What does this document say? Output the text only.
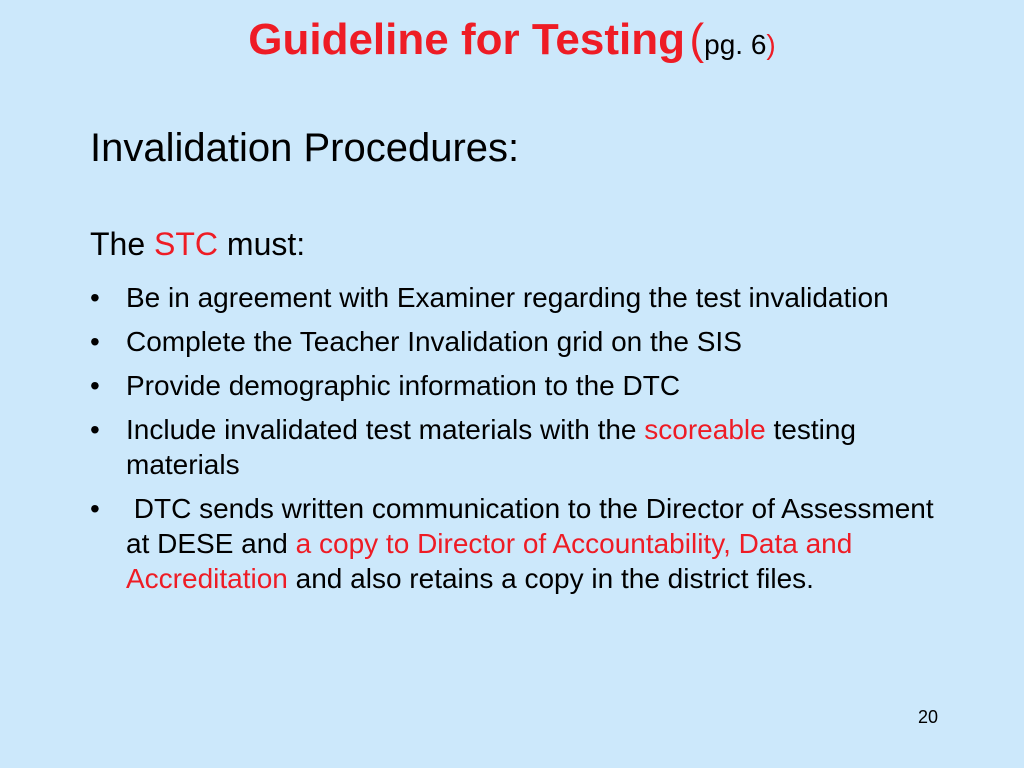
Guideline for Testing (pg. 6)
Invalidation Procedures:
The STC must:
• Be in agreement with Examiner regarding the test invalidation
• Complete the Teacher Invalidation grid on the SIS
• Provide demographic information to the DTC
• Include invalidated test materials with the scoreable testing materials
• DTC sends written communication to the Director of Assessment at DESE and a copy to Director of Accountability, Data and Accreditation and also retains a copy in the district files.
20
